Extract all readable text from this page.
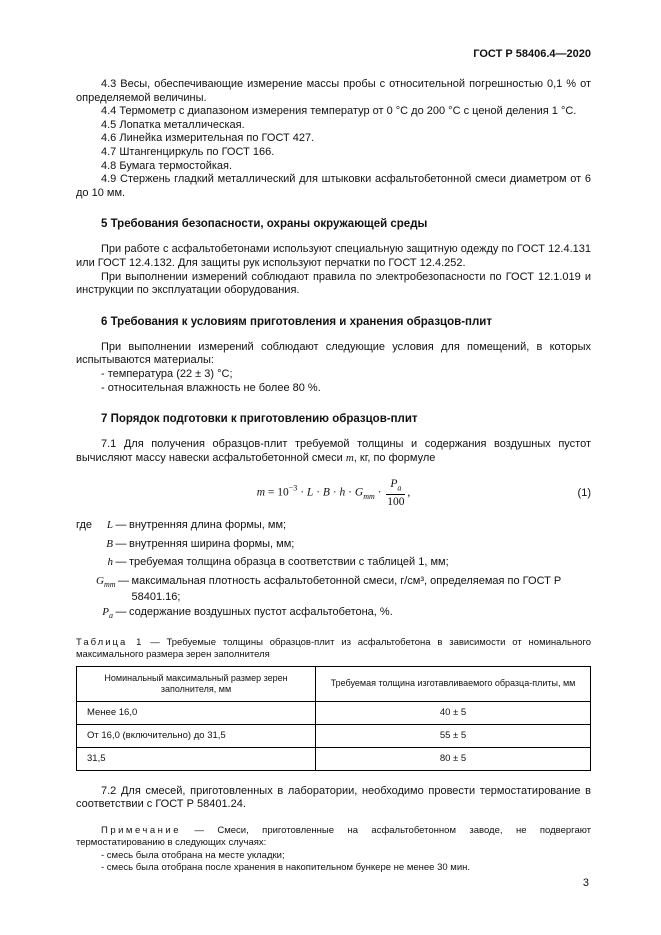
ГОСТ Р 58406.4—2020

4.3 Весы, обеспечивающие измерение массы пробы с относительной погрешностью 0,1 % от определяемой величины.

4.4 Термометр с диапазоном измерения температур от 0 °С до 200 °С с ценой деления 1 °С.

4.5 Лопатка металлическая.

4.6 Линейка измерительная по ГОСТ 427.

4.7 Штангенциркуль по ГОСТ 166.

4.8 Бумага термостойкая.

4.9 Стержень гладкий металлический для штыковки асфальтобетонной смеси диаметром от 6 до 10 мм.

5 Требования безопасности, охраны окружающей среды

При работе с асфальтобетонами используют специальную защитную одежду по ГОСТ 12.4.131 или ГОСТ 12.4.132. Для защиты рук используют перчатки по ГОСТ 12.4.252.

При выполнении измерений соблюдают правила по электробезопасности по ГОСТ 12.1.019 и инструкции по эксплуатации оборудования.

6 Требования к условиям приготовления и хранения образцов-плит

При выполнении измерений соблюдают следующие условия для помещений, в которых испытываются материалы:

- температура (22 ± 3) °С;

- относительная влажность не более 80 %.

7 Порядок подготовки к приготовлению образцов-плит

7.1 Для получения образцов-плит требуемой толщины и содержания воздушных пустот вычисляют массу навески асфальтобетонной смеси m, кг, по формуле

$m = 10^{-3} \cdot L \cdot B \cdot h \cdot G_{mm} \cdot \frac{P_a}{100}$ ,	(1)
где	L — внутренняя длина формы, мм;
B — внутренняя ширина формы, мм;
h — требуемая толщина образца в соответствии с таблицей 1, мм;
$G_{mm}$ — максимальная плотность асфальтобетонной смеси, г/см³, определяемая по ГОСТ Р 58401.16;
$P_a$ — содержание воздушных пустот асфальтобетона, %.
Таблица 1 — Требуемые толщины образцов-плит из асфальтобетона в зависимости от номинального максимального размера зерен заполнителя
Номинальный максимальный размер зерен заполнителя, мм	Требуемая толщина изготавливаемого образца-плиты, мм
Менее 16,0	40 ± 5
От 16,0 (включительно) до 31,5	55 ± 5
31,5	80 ± 5

7.2 Для смесей, приготовленных в лаборатории, необходимо провести термостатирование в соответствии с ГОСТ Р 58401.24.

Примечание — Смеси, приготовленные на асфальтобетонном заводе, не подвергают термостатированию в следующих случаях:

- смесь была отобрана на месте укладки;

- смесь была отобрана после хранения в накопительном бункере не менее 30 мин.

3
